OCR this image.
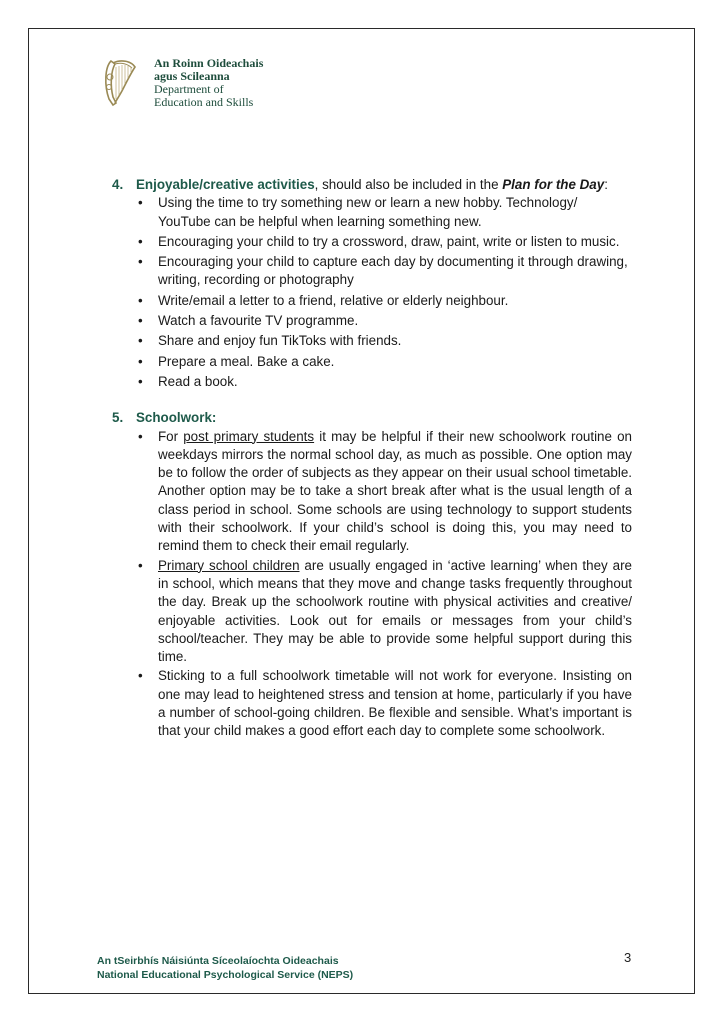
An Roinn Oideachais
agus Scileanna
Department of
Education and Skills
4. Enjoyable/creative activities, should also be included in the Plan for the Day:
• Using the time to try something new or learn a new hobby. Technology/ YouTube can be helpful when learning something new.
• Encouraging your child to try a crossword, draw, paint, write or listen to music.
• Encouraging your child to capture each day by documenting it through drawing, writing, recording or photography
• Write/email a letter to a friend, relative or elderly neighbour.
• Watch a favourite TV programme.
• Share and enjoy fun TikToks with friends.
• Prepare a meal. Bake a cake.
• Read a book.
5. Schoolwork:
• For post primary students it may be helpful if their new schoolwork routine on weekdays mirrors the normal school day, as much as possible. One option may be to follow the order of subjects as they appear on their usual school timetable. Another option may be to take a short break after what is the usual length of a class period in school. Some schools are using technology to support students with their schoolwork. If your child’s school is doing this, you may need to remind them to check their email regularly.
• Primary school children are usually engaged in ‘active learning’ when they are in school, which means that they move and change tasks frequently throughout the day. Break up the schoolwork routine with physical activities and creative/ enjoyable activities. Look out for emails or messages from your child’s school/teacher. They may be able to provide some helpful support during this time.
• Sticking to a full schoolwork timetable will not work for everyone. Insisting on one may lead to heightened stress and tension at home, particularly if you have a number of school-going children. Be flexible and sensible. What’s important is that your child makes a good effort each day to complete some schoolwork.
An tSeirbhís Náisiúnta Síceolaíochta Oideachais
National Educational Psychological Service (NEPS)
3
